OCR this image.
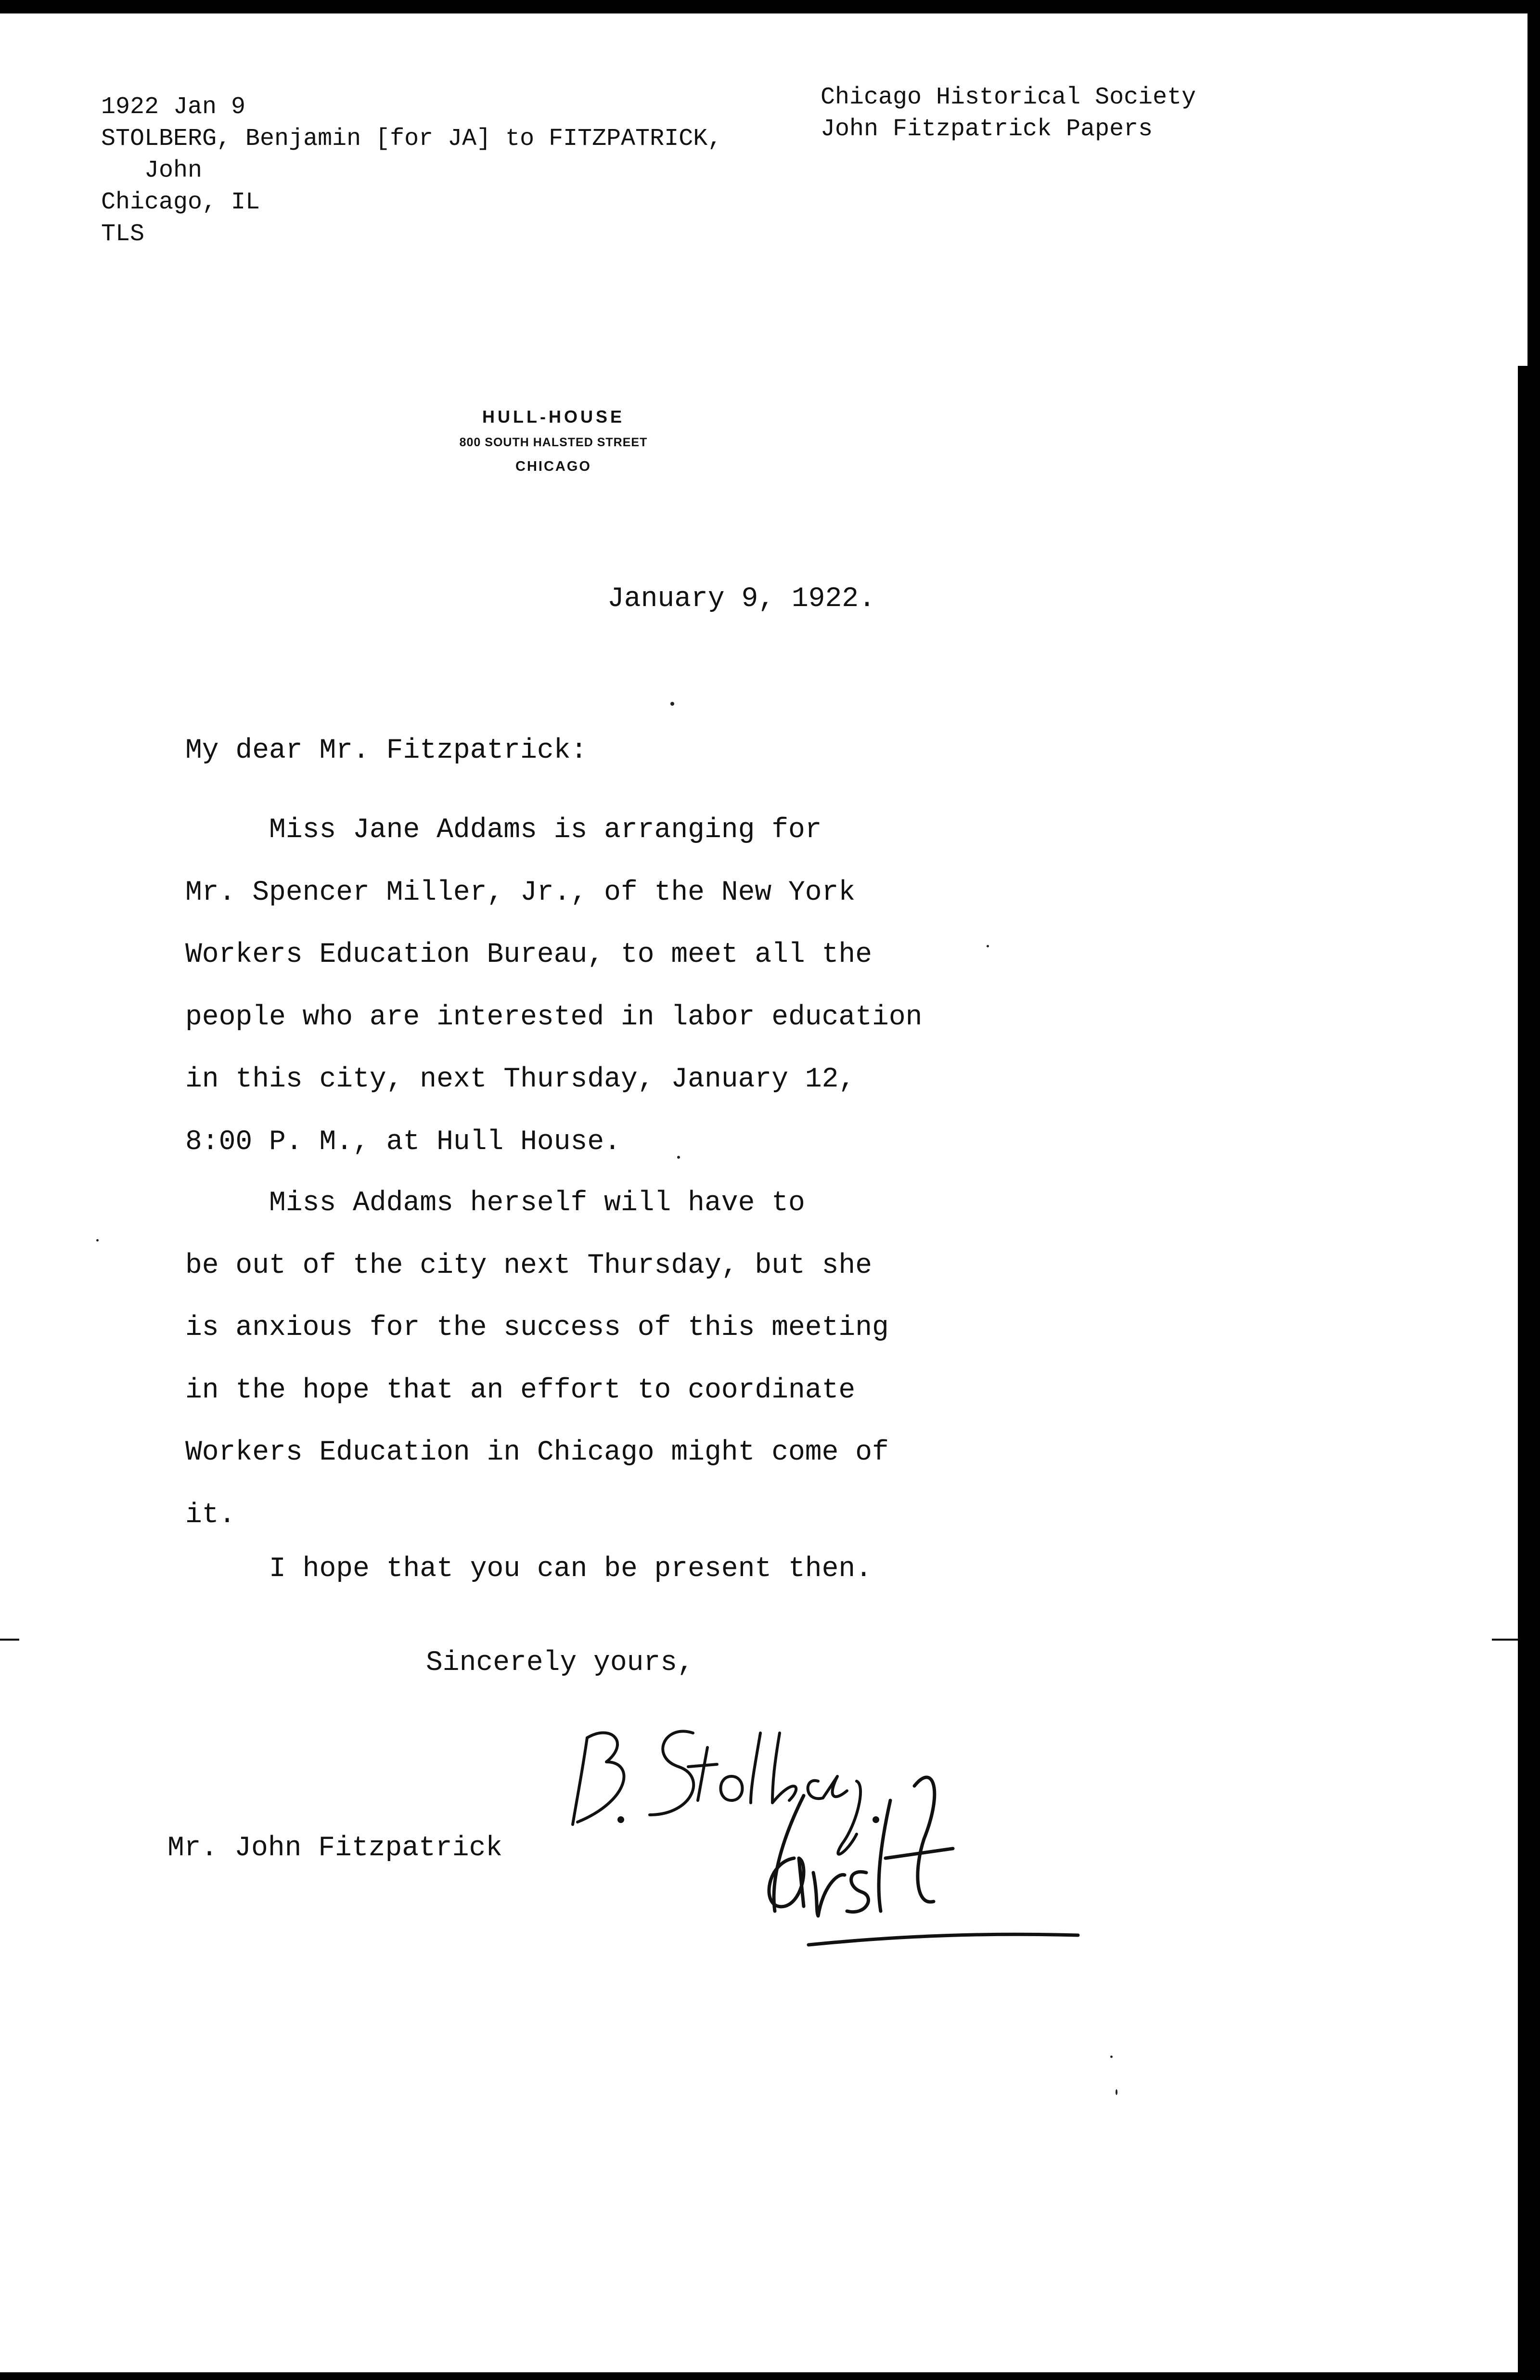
1922 Jan 9
STOLBERG, Benjamin [for JA] to FITZPATRICK,
John
Chicago, IL
TLS
Chicago Historical Society
John Fitzpatrick Papers
HULL-HOUSE
800 SOUTH HALSTED STREET
CHICAGO
January 9, 1922.
My dear Mr. Fitzpatrick:
Miss Jane Addams is arranging for
Mr. Spencer Miller, Jr., of the New York
Workers Education Bureau, to meet all the
people who are interested in labor education
in this city, next Thursday, January 12,
8:00 P. M., at Hull House.
Miss Addams herself will have to
be out of the city next Thursday, but she
is anxious for the success of this meeting
in the hope that an effort to coordinate
Workers Education in Chicago might come of
it.
I hope that you can be present then.
Sincerely yours,
Mr. John Fitzpatrick
